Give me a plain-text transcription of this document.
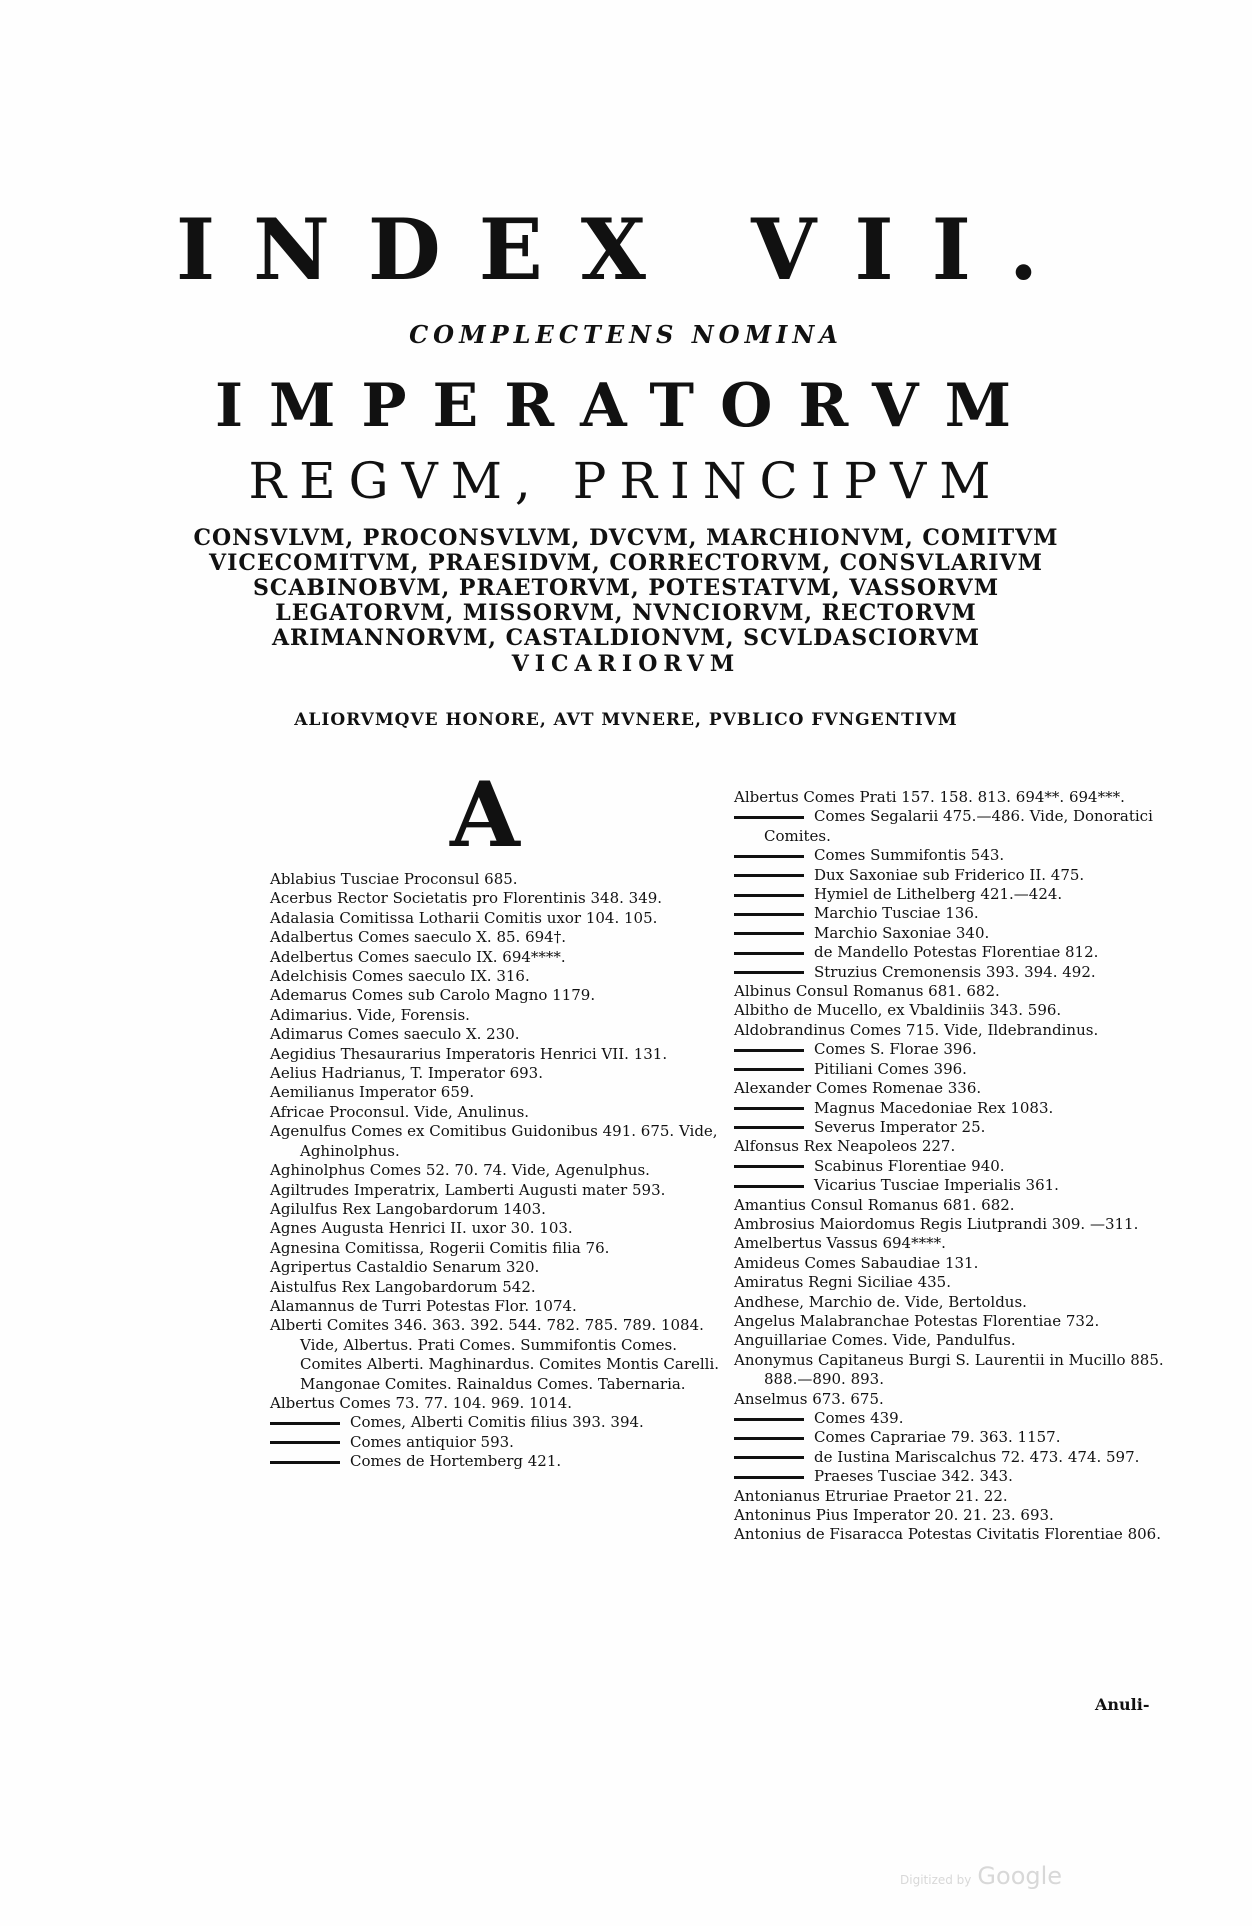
INDEX VII.
COMPLECTENS NOMINA
IMPERATORVM
REGVM, PRINCIPVM
CONSVLVM, PROCONSVLVM, DVCVM, MARCHIONVM, COMITVM
VICECOMITVM, PRAESIDVM, CORRECTORVM, CONSVLARIVM
SCABINOBVM, PRAETORVM, POTESTATVM, VASSORVM
LEGATORVM, MISSORVM, NVNCIORVM, RECTORVM
ARIMANNORVM, CASTALDIONVM, SCVLDASCIORVM
VICARIORVM
ALIORVMQVE HONORE, AVT MVNERE, PVBLICO FVNGENTIVM
A
Ablabius Tusciae Proconsul 685.
Acerbus Rector Societatis pro Florentinis 348. 349.
Adalasia Comitissa Lotharii Comitis uxor 104. 105.
Adalbertus Comes saeculo X. 85. 694†.
Adelbertus Comes saeculo IX. 694****.
Adelchisis Comes saeculo IX. 316.
Ademarus Comes sub Carolo Magno 1179.
Adimarius. Vide, Forensis.
Adimarus Comes saeculo X. 230.
Aegidius Thesaurarius Imperatoris Henrici VII. 131.
Aelius Hadrianus, T. Imperator 693.
Aemilianus Imperator 659.
Africae Proconsul. Vide, Anulinus.
Agenulfus Comes ex Comitibus Guidonibus 491. 675. Vide, Aghinolphus.
Aghinolphus Comes 52. 70. 74. Vide, Agenulphus.
Agiltrudes Imperatrix, Lamberti Augusti mater 593.
Agilulfus Rex Langobardorum 1403.
Agnes Augusta Henrici II. uxor 30. 103.
Agnesina Comitissa, Rogerii Comitis filia 76.
Agripertus Castaldio Senarum 320.
Aistulfus Rex Langobardorum 542.
Alamannus de Turri Potestas Flor. 1074.
Alberti Comites 346. 363. 392. 544. 782. 785. 789. 1084. Vide, Albertus. Prati Comes. Summifontis Comes. Comites Alberti. Maghinardus. Comites Montis Carelli. Mangonae Comites. Rainaldus Comes. Tabernaria.
Albertus Comes 73. 77. 104. 969. 1014.
Comes, Alberti Comitis filius 393. 394.
Comes antiquior 593.
Comes de Hortemberg 421.
Albertus Comes Prati 157. 158. 813. 694**. 694***.
Comes Segalarii 475.—486. Vide, Donoratici Comites.
Comes Summifontis 543.
Dux Saxoniae sub Friderico II. 475.
Hymiel de Lithelberg 421.—424.
Marchio Tusciae 136.
Marchio Saxoniae 340.
de Mandello Potestas Florentiae 812.
Struzius Cremonensis 393. 394. 492.
Albinus Consul Romanus 681. 682.
Albitho de Mucello, ex Vbaldiniis 343. 596.
Aldobrandinus Comes 715. Vide, Ildebrandinus.
Comes S. Florae 396.
Pitiliani Comes 396.
Alexander Comes Romenae 336.
Magnus Macedoniae Rex 1083.
Severus Imperator 25.
Alfonsus Rex Neapoleos 227.
Scabinus Florentiae 940.
Vicarius Tusciae Imperialis 361.
Amantius Consul Romanus 681. 682.
Ambrosius Maiordomus Regis Liutprandi 309. —311.
Amelbertus Vassus 694****.
Amideus Comes Sabaudiae 131.
Amiratus Regni Siciliae 435.
Andhese, Marchio de. Vide, Bertoldus.
Angelus Malabranchae Potestas Florentiae 732.
Anguillariae Comes. Vide, Pandulfus.
Anonymus Capitaneus Burgi S. Laurentii in Mucillo 885. 888.—890. 893.
Anselmus 673. 675.
Comes 439.
Comes Caprariae 79. 363. 1157.
de Iustina Mariscalchus 72. 473. 474. 597.
Praeses Tusciae 342. 343.
Antonianus Etruriae Praetor 21. 22.
Antoninus Pius Imperator 20. 21. 23. 693.
Antonius de Fisaracca Potestas Civitatis Florentiae 806.
Anuli-
Digitized by Google
